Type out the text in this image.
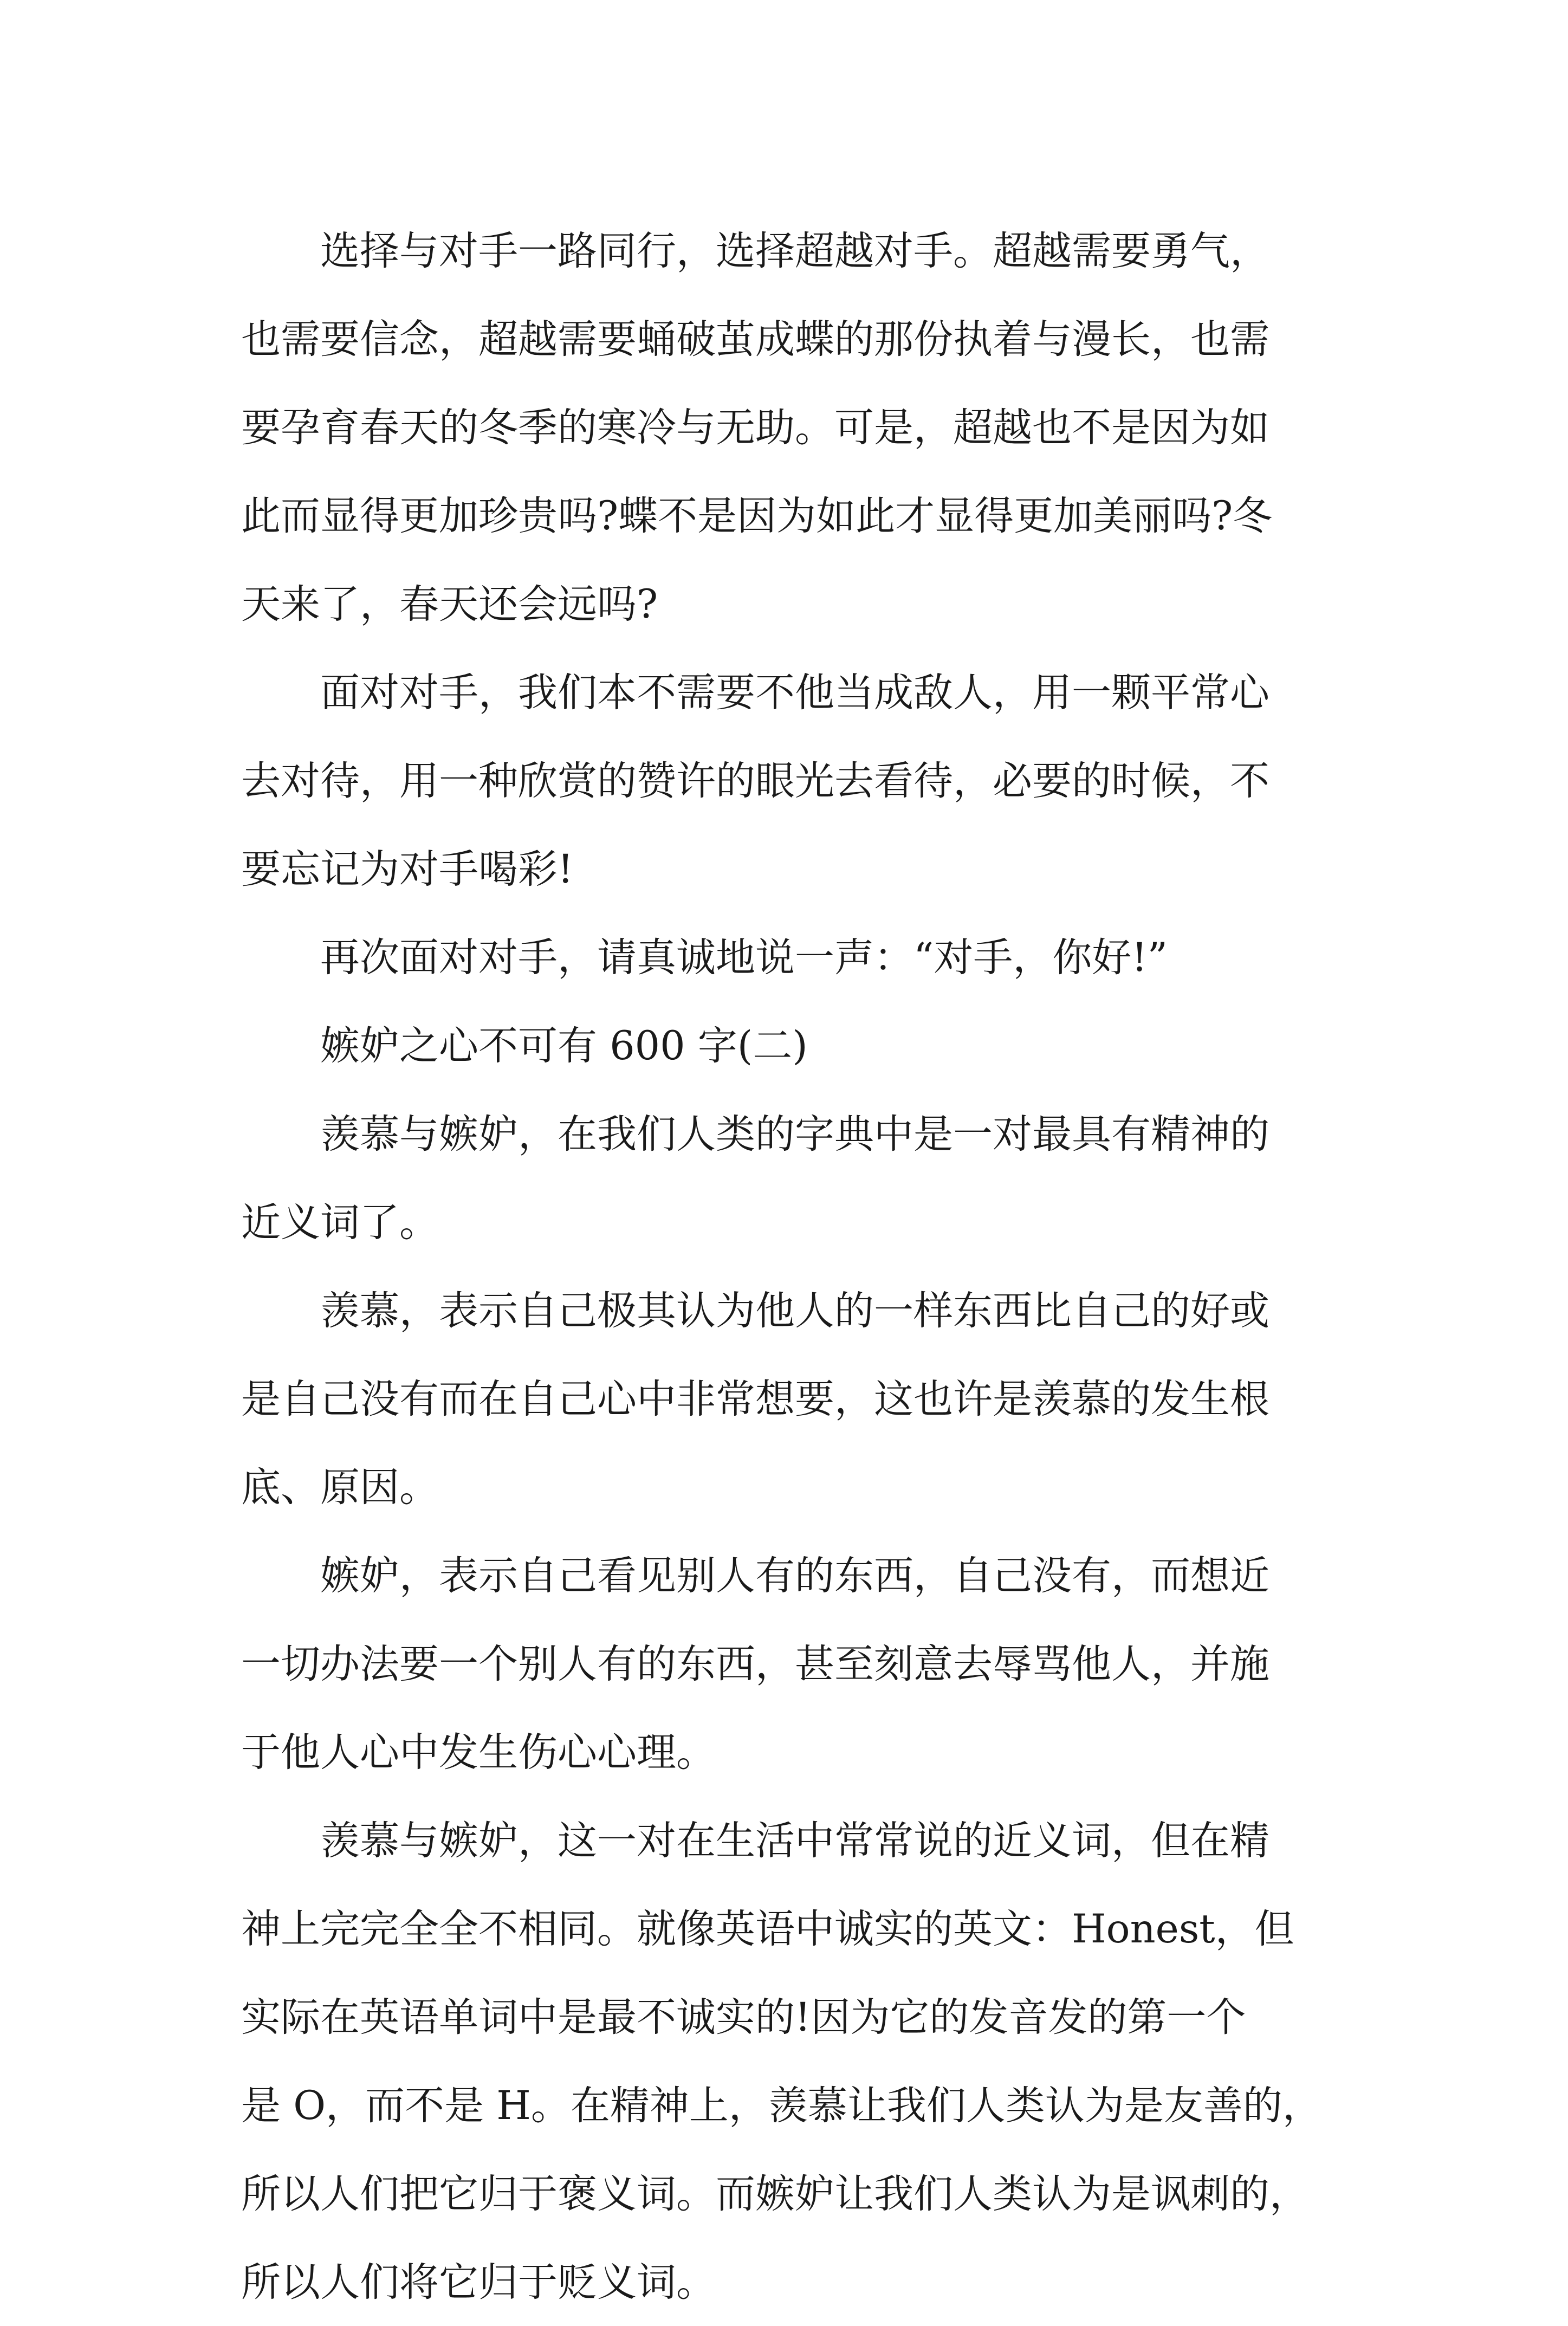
　　选择与对手一路同行，选择超越对手。超越需要勇气，
也需要信念，超越需要蛹破茧成蝶的那份执着与漫长，也需
要孕育春天的冬季的寒冷与无助。可是，超越也不是因为如
此而显得更加珍贵吗?蝶不是因为如此才显得更加美丽吗?冬
天来了，春天还会远吗?
　　面对对手，我们本不需要不他当成敌人，用一颗平常心
去对待，用一种欣赏的赞许的眼光去看待，必要的时候，不
要忘记为对手喝彩!
　　再次面对对手，请真诚地说一声：“对手，你好!”
　　嫉妒之心不可有 600 字(二)
　　羡慕与嫉妒，在我们人类的字典中是一对最具有精神的
近义词了。
　　羡慕，表示自己极其认为他人的一样东西比自己的好或
是自己没有而在自己心中非常想要，这也许是羡慕的发生根
底、原因。
　　嫉妒，表示自己看见别人有的东西，自己没有，而想近
一切办法要一个别人有的东西，甚至刻意去辱骂他人，并施
于他人心中发生伤心心理。
　　羡慕与嫉妒，这一对在生活中常常说的近义词，但在精
神上完完全全不相同。就像英语中诚实的英文：Honest，但
实际在英语单词中是最不诚实的!因为它的发音发的第一个
是 O，而不是 H。在精神上，羡慕让我们人类认为是友善的，
所以人们把它归于褒义词。而嫉妒让我们人类认为是讽刺的，
所以人们将它归于贬义词。
